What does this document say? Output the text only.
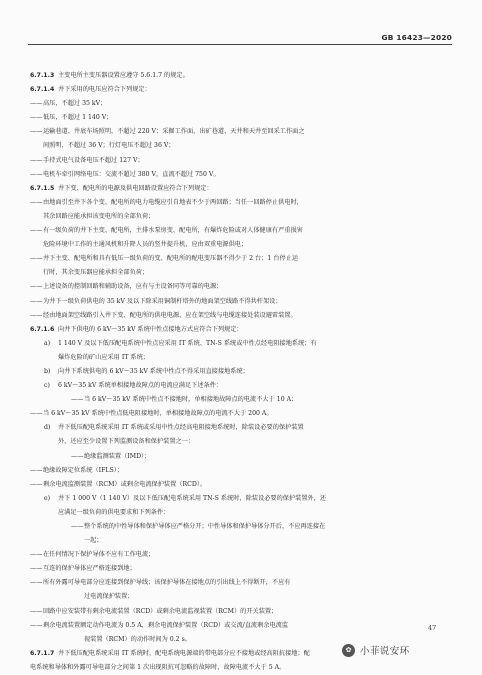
GB 16423—2020
6.7.1.3 主变电所主变压器设置应遵守 5.6.1.7 的规定。
6.7.1.4 井下采用的电压应符合下列规定：
—— 高压，不超过 35 kV；
—— 低压，不超过 1 140 V；
—— 运输巷道、井底车场照明，不超过 220 V；采掘工作面、出矿巷道、天井和天井至回采工作面之
间照明，不超过 36 V；行灯电压不超过 36 V；
—— 手持式电气设备电压不超过 127 V；
—— 电机车牵引网络电压：交流不超过 380 V，直流不超过 750 V。
6.7.1.5 井下变、配电所的电源及供电回路设置应符合下列规定：
—— 由地面引至井下各个变、配电所的电力电缆应引自地表不少于两回路；当任一回路停止供电时，
其余回路应能承担该变电所的全部负荷；
—— 有一级负荷的井下主变、配电所，主排水泵房变、配电所，有爆炸危险或对人体健康有严重损害
危险环境中工作的主通风机和升降人员的竖井提升机，应由双重电源供电；
—— 井下主变、配电所和具有低压一级负荷的变、配电所的配电变压器不得少于 2 台；1 台停止运
行时，其余变压器应能承担全部负荷；
—— 上述设备的控制回路和辅助设备，应有与主设备同等可靠的电源；
—— 为井下一级负荷供电的 35 kV 及以下除采用铜制杆塔外的地面架空线路不得共杆架设；
—— 经由地面架空线路引入井下变、配电所的供电电源，应在架空线与电缆连接处装设避雷装置。
6.7.1.6 向井下供电的 6 kV～35 kV 系统中性点接地方式应符合下列规定：
a) 1 140 V 及以下低压配电系统中性点应采用 IT 系统、TN-S 系统或中性点经电阻接地系统；有
爆炸危险的矿山应采用 IT 系统；
b) 向井下系统供电的 6 kV～35 kV 系统中性点不得采用直接接地系统；
c) 6 kV～35 kV 系统单相接地故障点的电流应满足下述条件：
—— 当 6 kV～35 kV 系统中性点不接地时，单相接地故障点的电流不大于 10 A；
—— 当 6 kV～35 kV 系统中性点低电阻接地时，单相接地故障点的电流不大于 200 A。
d) 井下低压配电系统采用 IT 系统或采用中性点经高电阻接地系统时，除装设必要的保护装置
外，还应至少设置下列监测设备和保护装置之一：
—— 绝缘监测装置（IMD）；
—— 绝缘故障定位系统（IFLS）；
—— 剩余电流监测装置（RCM）或剩余电流保护装置（RCD）。
e) 井下 1 000 V（1 140 V）及以下低压配电系统采用 TN-S 系统时，除装设必要的保护装置外，还
应满足一级负荷的供电要求和下列条件：
—— 整个系统的中性导体和保护导体应严格分开；中性导体和保护导体分开后，不应再连接在
一起；
—— 在任何情况下保护导体不应有工作电流；
—— 互连的保护导体应严格连接到地；
—— 所有外露可导电部分应连接到保护导线；该保护导体在接地点的引出线上不得断开，不应有
过电流保护装置；
—— 回路中应安装带有剩余电流装置（RCD）或剩余电流监视装置（RCM）的开关装置；
—— 剩余电流装置额定动作电流为 0.5 A，剩余电流保护装置（RCD）或交流/直流剩余电流监
视装置（RCM）的动作时间为 0.2 s。
6.7.1.7 井下低压配电系统采用 IT 系统时，配电系统电源端的带电部分应不接地或经高阻抗接地；配
电系统和导体和外露可导电部分之间第 1 次出现阻抗可忽略的故障时，故障电流不大于 5 A。
47
✿ 小菲说安环
